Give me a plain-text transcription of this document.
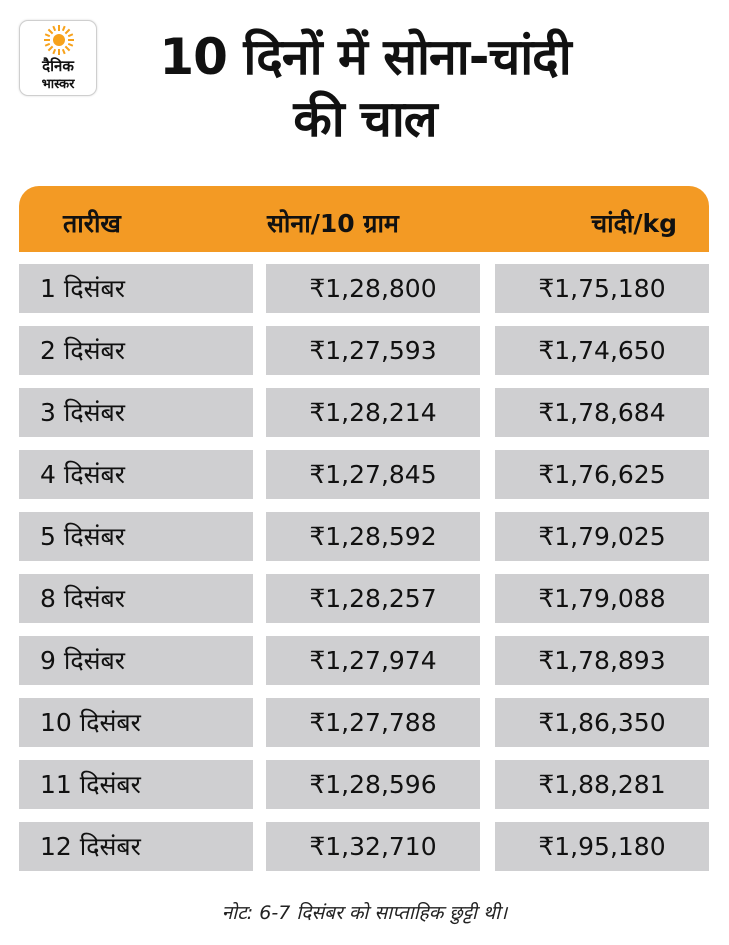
दैनिक
भास्कर	10 दिनों में सोना-चांदी
की चाल
तारीख	सोना/10 ग्राम	चांदी/kg
1 दिसंबर	₹1,28,800	₹1,75,180
2 दिसंबर	₹1,27,593	₹1,74,650
3 दिसंबर	₹1,28,214	₹1,78,684
4 दिसंबर	₹1,27,845	₹1,76,625
5 दिसंबर	₹1,28,592	₹1,79,025
8 दिसंबर	₹1,28,257	₹1,79,088
9 दिसंबर	₹1,27,974	₹1,78,893
10 दिसंबर	₹1,27,788	₹1,86,350
11 दिसंबर	₹1,28,596	₹1,88,281
12 दिसंबर	₹1,32,710	₹1,95,180
नोट: 6-7 दिसंबर को साप्ताहिक छुट्टी थी।
